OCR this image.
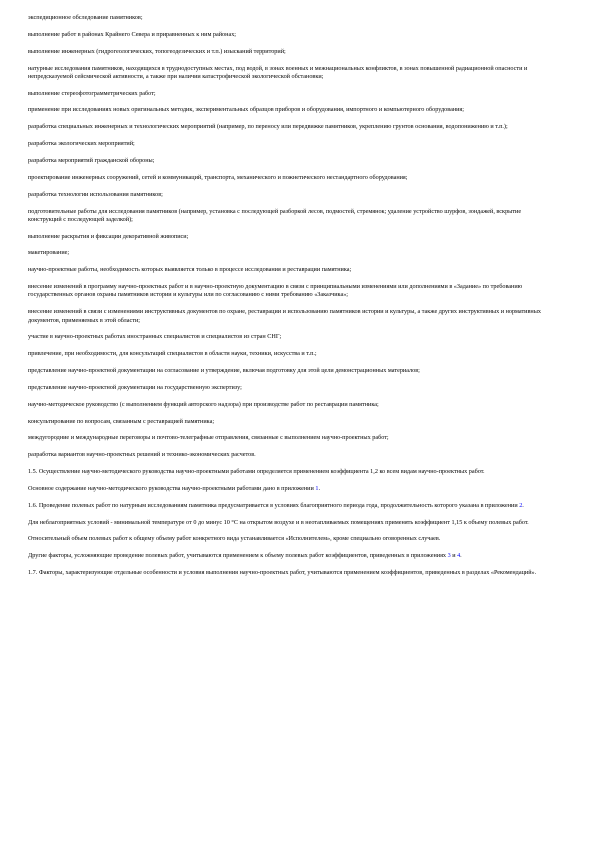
экспедиционное обследование памятников;

выполнение работ в районах Крайнего Севера и приравненных к ним районах;

выполнение инженерных (гидрогеологических, топогеодезических и т.п.) изысканий территорий;

натурные исследования памятников, находящихся в труднодоступных местах, под водой, в зонах военных и межнациональных конфликтов, в зонах повышенной радиационной опасности и непредсказуемой сейсмической активности, а также при наличии катастрофической экологической обстановки;

выполнение стереофотограмметрических работ;

применение при исследованиях новых оригинальных методик, экспериментальных образцов приборов и оборудования, импортного и компьютерного оборудования;

разработка специальных инженерных и технологических мероприятий (например, по переносу или передвижке памятников, укреплению грунтов основания, водопонижению и т.п.);

разработка экологических мероприятий;

разработка мероприятий гражданской обороны;

проектирование инженерных сооружений, сетей и коммуникаций, транспорта, механического и пожнетического нестандартного оборудования;

разработка технологии использования памятников;

подготовительные работы для исследования памятников (например, установка с последующей разборкой лесов, подмостей, стремянок; удаление устройство шурфов, зондажей, вскрытие конструкций с последующей заделкой);

выполнение раскрытия и фиксации декоративной живописи;

макетирование;

научно-проектные работы, необходимость которых выявляется только в процессе исследования и реставрации памятника;

внесение изменений в программу научно-проектных работ и в научно-проектную документацию в связи с принципиальными изменениями или дополнениями в «Задание» по требованию государственных органов охраны памятников истории и культуры или по согласованию с ними требованию «Заказчика»;

внесение изменений в связи с изменениями инструктивных документов по охране, реставрации и использованию памятников истории и культуры, а также других инструктивных и нормативных документов, применяемых в этой области;

участие в научно-проектных работах иностранных специалистов и специалистов из стран СНГ;

привлечение, при необходимости, для консультаций специалистов в области науки, техники, искусства и т.п.;

представление научно-проектной документации на согласование и утверждение, включая подготовку для этой цели демонстрационных материалов;

представление научно-проектной документации на государственную экспертизу;

научно-методическое руководство (с выполнением функций авторского надзора) при производстве работ по реставрации памятника;

консультирование по вопросам, связанным с реставрацией памятника;

междугородние и международные переговоры и почтово-телеграфные отправления, связанные с выполнением научно-проектных работ;

разработка вариантов научно-проектных решений и технико-экономических расчетов.

1.5. Осуществление научно-методического руководства научно-проектными работами определяется применением коэффициента 1,2 ко всем видам научно-проектных работ.

Основное содержание научно-методического руководства научно-проектными работами дано в приложении 1.

1.6. Проведение полевых работ по натурным исследованиям памятника предусматривается в условиях благоприятного периода года, продолжительность которого указана в приложении 2.

Для неблагоприятных условий - минимальной температуре от 0 до минус 10 °С на открытом воздухе и в неотапливаемых помещениях применять коэффициент 1,15 к объему полевых работ.

Относительный объем полевых работ к общему объему работ конкретного вида устанавливается «Исполнителем», кроме специально оговоренных случаев.

Другие факторы, усложняющие проведение полевых работ, учитываются применением к объему полевых работ коэффициентов, приведенных в приложениях 3 и 4.

1.7. Факторы, характеризующие отдельные особенности и условия выполнения научно-проектных работ, учитываются применением коэффициентов, приведенных в разделах «Рекомендаций».
